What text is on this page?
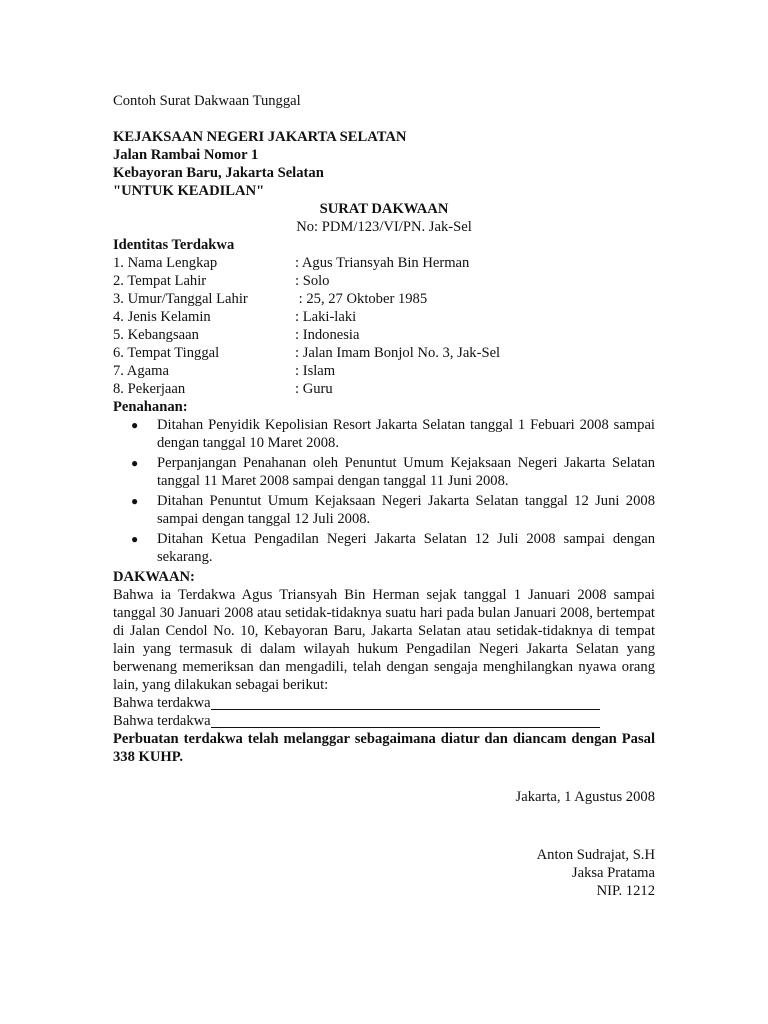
Contoh Surat Dakwaan Tunggal
KEJAKSAAN NEGERI JAKARTA SELATAN
Jalan Rambai Nomor 1
Kebayoran Baru, Jakarta Selatan
"UNTUK KEADILAN"
SURAT DAKWAAN
No: PDM/123/VI/PN. Jak-Sel
Identitas Terdakwa
1. Nama Lengkap	: Agus Triansyah Bin Herman
2. Tempat Lahir	: Solo
3. Umur/Tanggal Lahir	: 25, 27 Oktober 1985
4. Jenis Kelamin	: Laki-laki
5. Kebangsaan	: Indonesia
6. Tempat Tinggal	: Jalan Imam Bonjol No. 3, Jak-Sel
7. Agama	: Islam
8. Pekerjaan	: Guru
Penahanan:
● Ditahan Penyidik Kepolisian Resort Jakarta Selatan tanggal 1 Febuari 2008 sampai dengan tanggal 10 Maret 2008.
● Perpanjangan Penahanan oleh Penuntut Umum Kejaksaan Negeri Jakarta Selatan tanggal 11 Maret 2008 sampai dengan tanggal 11 Juni 2008.
● Ditahan Penuntut Umum Kejaksaan Negeri Jakarta Selatan tanggal 12 Juni 2008 sampai dengan tanggal 12 Juli 2008.
● Ditahan Ketua Pengadilan Negeri Jakarta Selatan 12 Juli 2008 sampai dengan sekarang.
DAKWAAN:
Bahwa ia Terdakwa Agus Triansyah Bin Herman sejak tanggal 1 Januari 2008 sampai tanggal 30 Januari 2008 atau setidak-tidaknya suatu hari pada bulan Januari 2008, bertempat di Jalan Cendol No. 10, Kebayoran Baru, Jakarta Selatan atau setidak-tidaknya di tempat lain yang termasuk di dalam wilayah hukum Pengadilan Negeri Jakarta Selatan yang berwenang memeriksan dan mengadili, telah dengan sengaja menghilangkan nyawa orang lain, yang dilakukan sebagai berikut:
Bahwa terdakwa
Bahwa terdakwa
Perbuatan terdakwa telah melanggar sebagaimana diatur dan diancam dengan Pasal 338 KUHP.
Jakarta, 1 Agustus 2008
Anton Sudrajat, S.H
Jaksa Pratama
NIP. 1212
